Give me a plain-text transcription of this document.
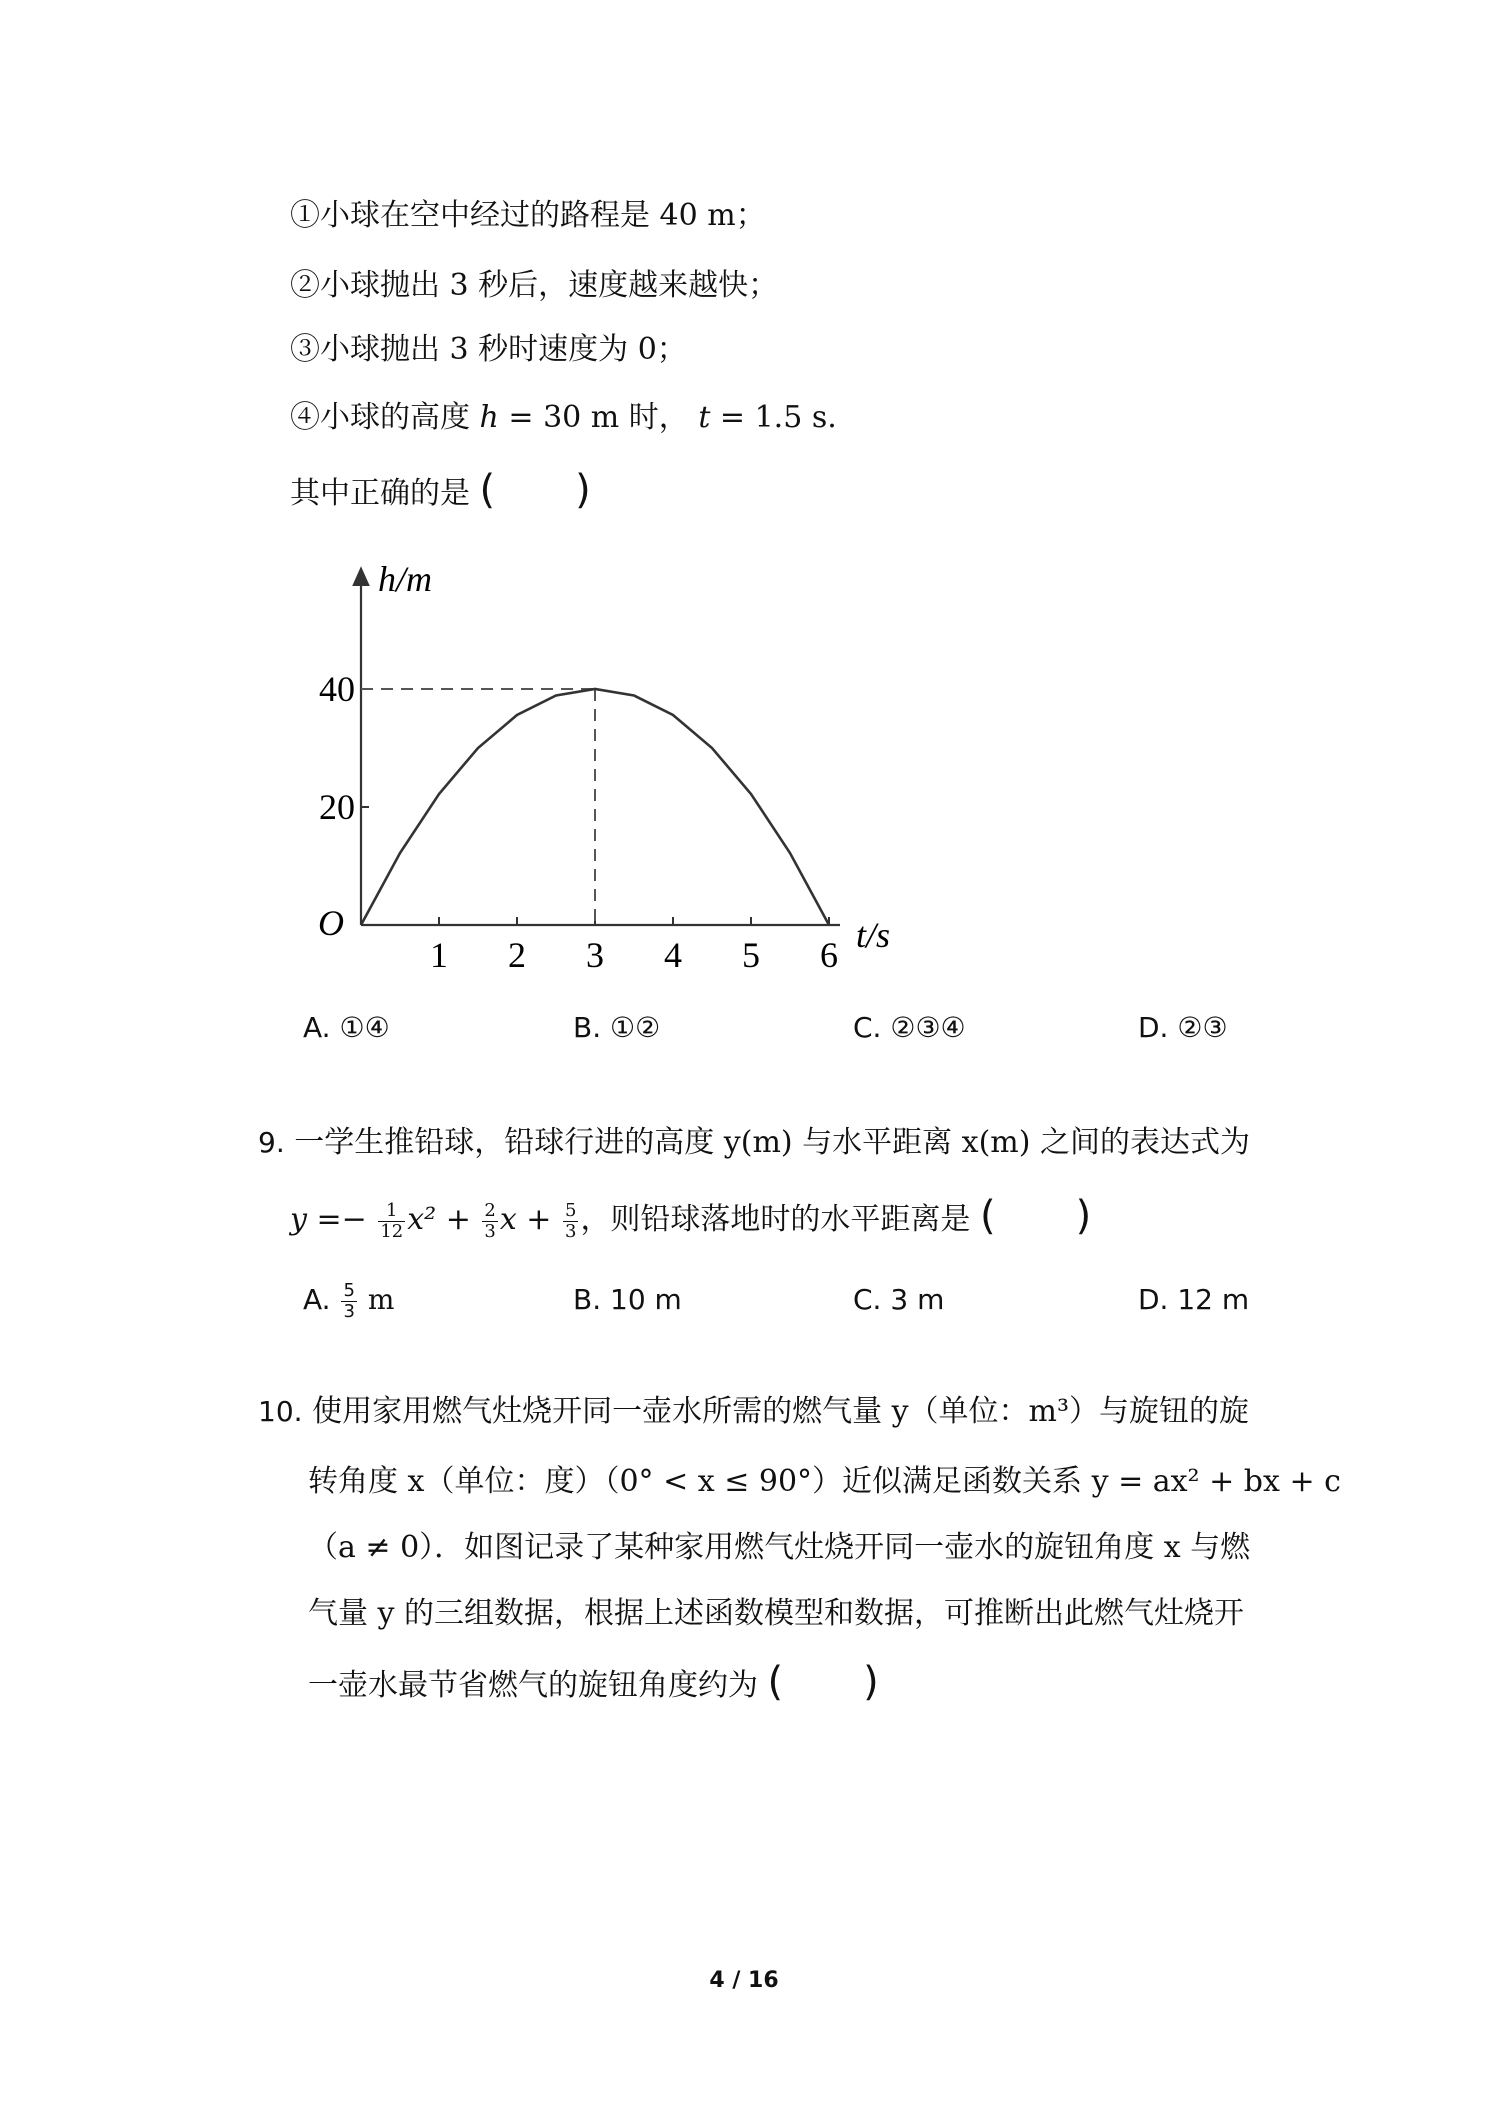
①小球在空中经过的路程是 40 m；
②小球抛出 3 秒后，速度越来越快；
③小球抛出 3 秒时速度为 0；
④小球的高度 h = 30 m 时， t = 1.5 s.
其中正确的是 (　　)
h/m
t/s
O
1 2 3 4 5 6
20
40
A. ①④	B. ①②	C. ②③④	D. ②③
9. 一学生推铅球，铅球行进的高度 y(m) 与水平距离 x(m) 之间的表达式为
$y =- \frac{1}{12} x^2 + \frac{2}{3}$ $x + \frac{5}{3}$ ，则铅球落地时的水平距离是 (　　)
A. $\frac{5}{3}$ m	B. 10 m	C. 3 m	D. 12 m
10. 使用家用燃气灶烧开同一壶水所需的燃气量 y（单位：m³）与旋钮的旋
转角度 x（单位：度）（0° < x ≤ 90°）近似满足函数关系 y = ax² + bx + c
（a ≠ 0）．如图记录了某种家用燃气灶烧开同一壶水的旋钮角度 x 与燃
气量 y 的三组数据，根据上述函数模型和数据，可推断出此燃气灶烧开
一壶水最节省燃气的旋钮角度约为 (　　)
4 / 16
